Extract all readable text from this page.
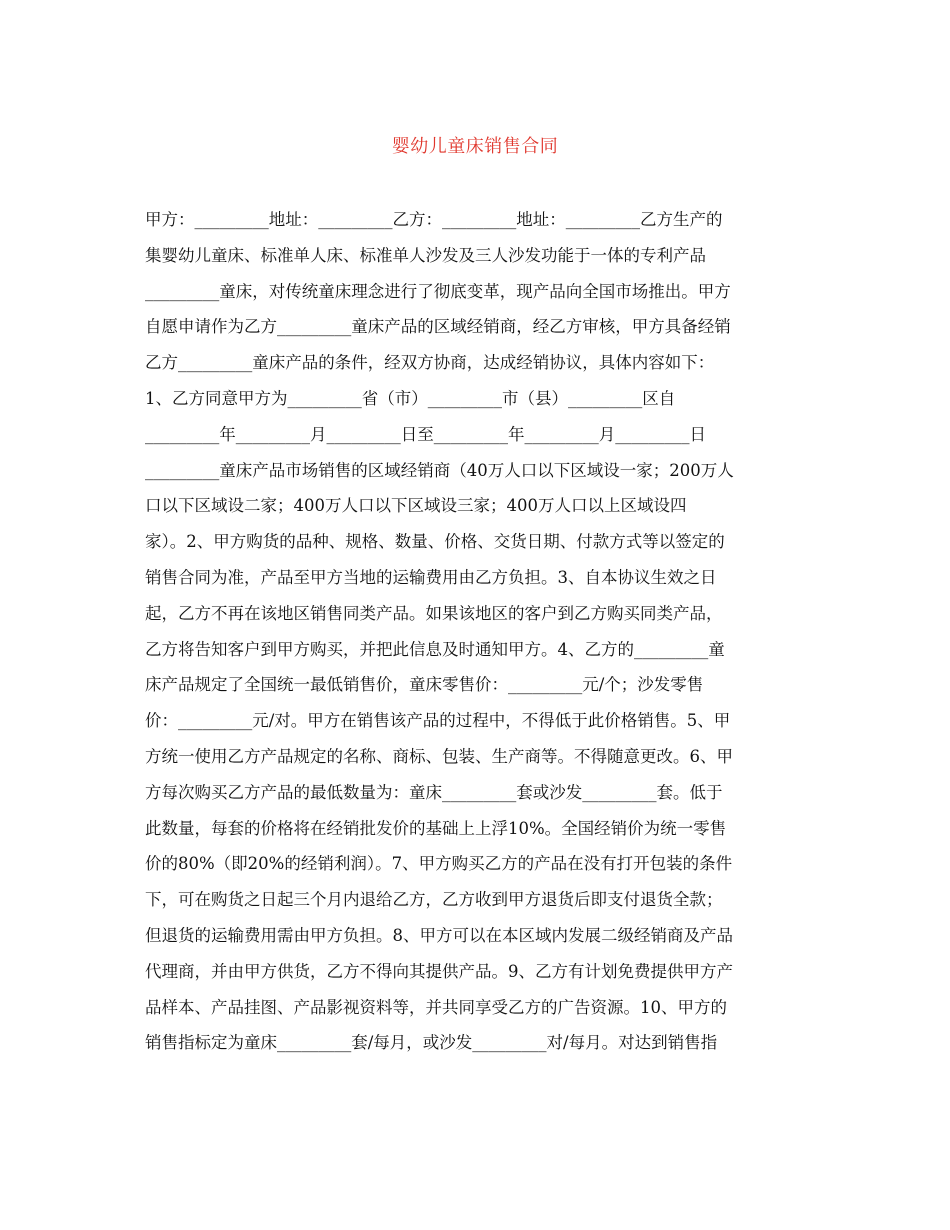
婴幼儿童床销售合同
甲方：_________地址：_________乙方：_________地址：_________乙方生产的
集婴幼儿童床、标准单人床、标准单人沙发及三人沙发功能于一体的专利产品
_________童床，对传统童床理念进行了彻底变革，现产品向全国市场推出。甲方
自愿申请作为乙方_________童床产品的区域经销商，经乙方审核，甲方具备经销
乙方_________童床产品的条件，经双方协商，达成经销协议，具体内容如下：
1、乙方同意甲方为_________省（市）_________市（县）_________区自
_________年_________月_________日至_________年_________月_________日
_________童床产品市场销售的区域经销商（40万人口以下区域设一家；200万人
口以下区域设二家；400万人口以下区域设三家；400万人口以上区域设四
家）。2、甲方购货的品种、规格、数量、价格、交货日期、付款方式等以签定的
销售合同为准，产品至甲方当地的运输费用由乙方负担。3、自本协议生效之日
起，乙方不再在该地区销售同类产品。如果该地区的客户到乙方购买同类产品，
乙方将告知客户到甲方购买，并把此信息及时通知甲方。4、乙方的_________童
床产品规定了全国统一最低销售价，童床零售价：_________元/个；沙发零售
价：_________元/对。甲方在销售该产品的过程中，不得低于此价格销售。5、甲
方统一使用乙方产品规定的名称、商标、包装、生产商等。不得随意更改。6、甲
方每次购买乙方产品的最低数量为：童床_________套或沙发_________套。低于
此数量，每套的价格将在经销批发价的基础上上浮10%。全国经销价为统一零售
价的80%（即20%的经销利润）。7、甲方购买乙方的产品在没有打开包装的条件
下，可在购货之日起三个月内退给乙方，乙方收到甲方退货后即支付退货全款；
但退货的运输费用需由甲方负担。8、甲方可以在本区域内发展二级经销商及产品
代理商，并由甲方供货，乙方不得向其提供产品。9、乙方有计划免费提供甲方产
品样本、产品挂图、产品影视资料等，并共同享受乙方的广告资源。10、甲方的
销售指标定为童床_________套/每月，或沙发_________对/每月。对达到销售指
